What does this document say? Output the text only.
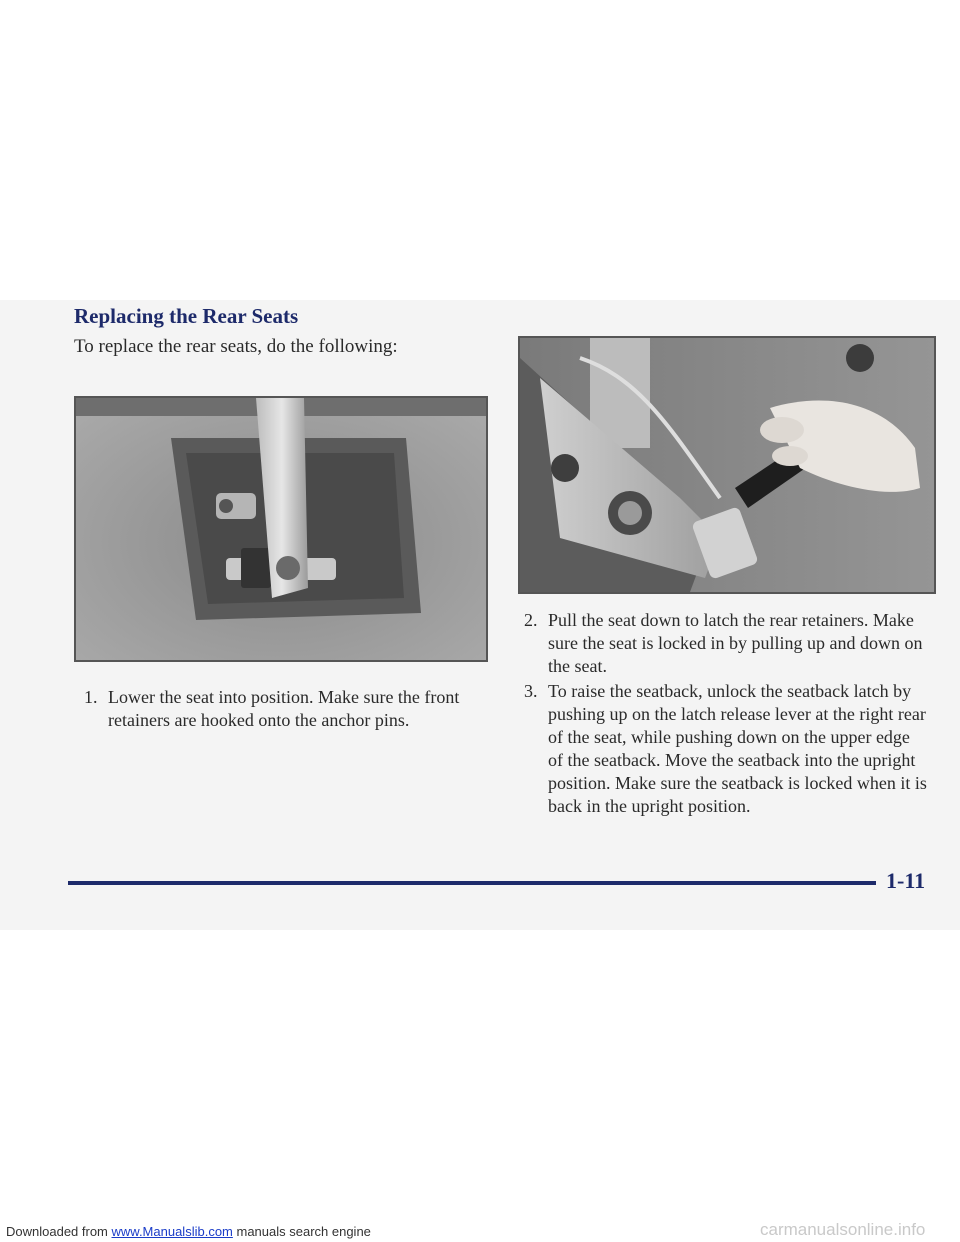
Replacing the Rear Seats

To replace the rear seats, do the following:

1. Lower the seat into position. Make sure the front retainers are hooked onto the anchor pins.
2. Pull the seat down to latch the rear retainers. Make sure the seat is locked in by pulling up and down on the seat.
3. To raise the seatback, unlock the seatback latch by pushing up on the latch release lever at the right rear of the seat, while pushing down on the upper edge of the seatback. Move the seatback into the upright position. Make sure the seatback is locked when it is back in the upright position.
1-11
Downloaded from www.Manualslib.com manuals search engine	carmanualsonline.info
